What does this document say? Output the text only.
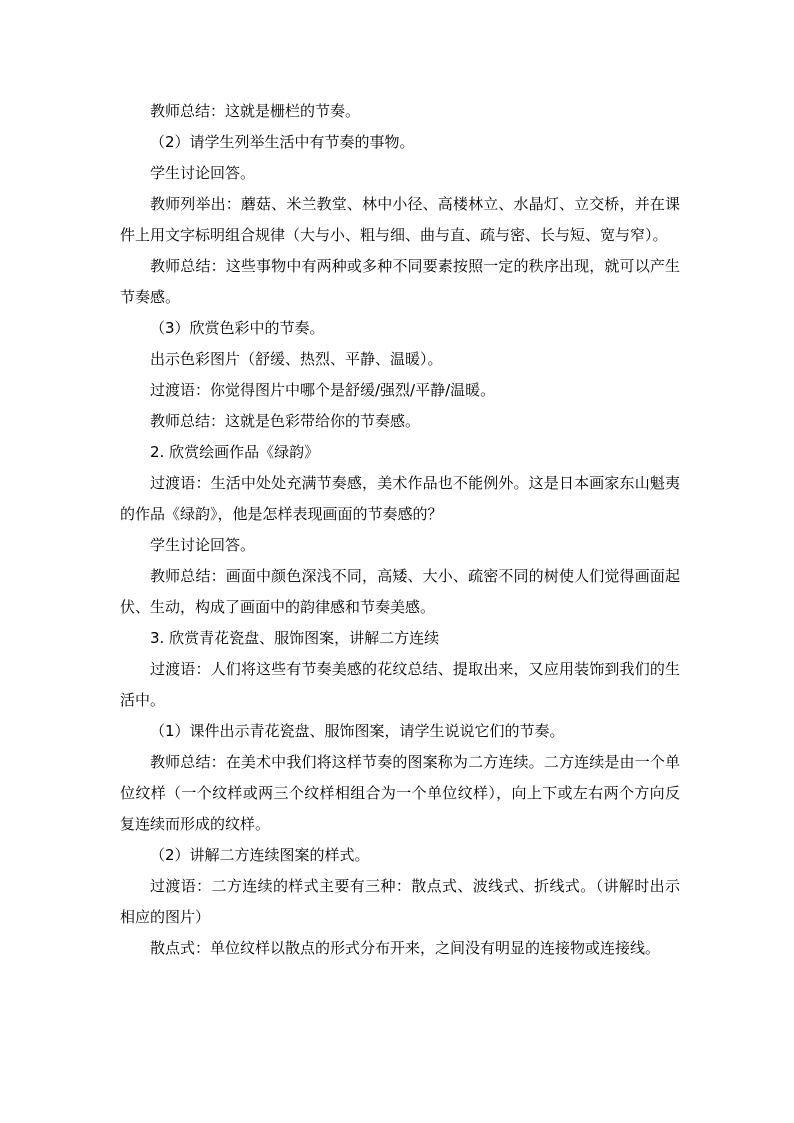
教师总结：这就是栅栏的节奏。

（2）请学生列举生活中有节奏的事物。

学生讨论回答。

教师列举出：蘑菇、米兰教堂、林中小径、高楼林立、水晶灯、立交桥，并在课件上用文字标明组合规律（大与小、粗与细、曲与直、疏与密、长与短、宽与窄）。

教师总结：这些事物中有两种或多种不同要素按照一定的秩序出现，就可以产生节奏感。

（3）欣赏色彩中的节奏。

出示色彩图片（舒缓、热烈、平静、温暖）。

过渡语：你觉得图片中哪个是舒缓/强烈/平静/温暖。

教师总结：这就是色彩带给你的节奏感。

2. 欣赏绘画作品《绿韵》

过渡语：生活中处处充满节奏感，美术作品也不能例外。这是日本画家东山魁夷的作品《绿韵》，他是怎样表现画面的节奏感的？

学生讨论回答。

教师总结：画面中颜色深浅不同，高矮、大小、疏密不同的树使人们觉得画面起伏、生动，构成了画面中的韵律感和节奏美感。

3. 欣赏青花瓷盘、服饰图案，讲解二方连续

过渡语：人们将这些有节奏美感的花纹总结、提取出来，又应用装饰到我们的生活中。

（1）课件出示青花瓷盘、服饰图案，请学生说说它们的节奏。

教师总结：在美术中我们将这样节奏的图案称为二方连续。二方连续是由一个单位纹样（一个纹样或两三个纹样相组合为一个单位纹样），向上下或左右两个方向反复连续而形成的纹样。

（2）讲解二方连续图案的样式。

过渡语：二方连续的样式主要有三种：散点式、波线式、折线式。（讲解时出示相应的图片）

散点式：单位纹样以散点的形式分布开来，之间没有明显的连接物或连接线。
